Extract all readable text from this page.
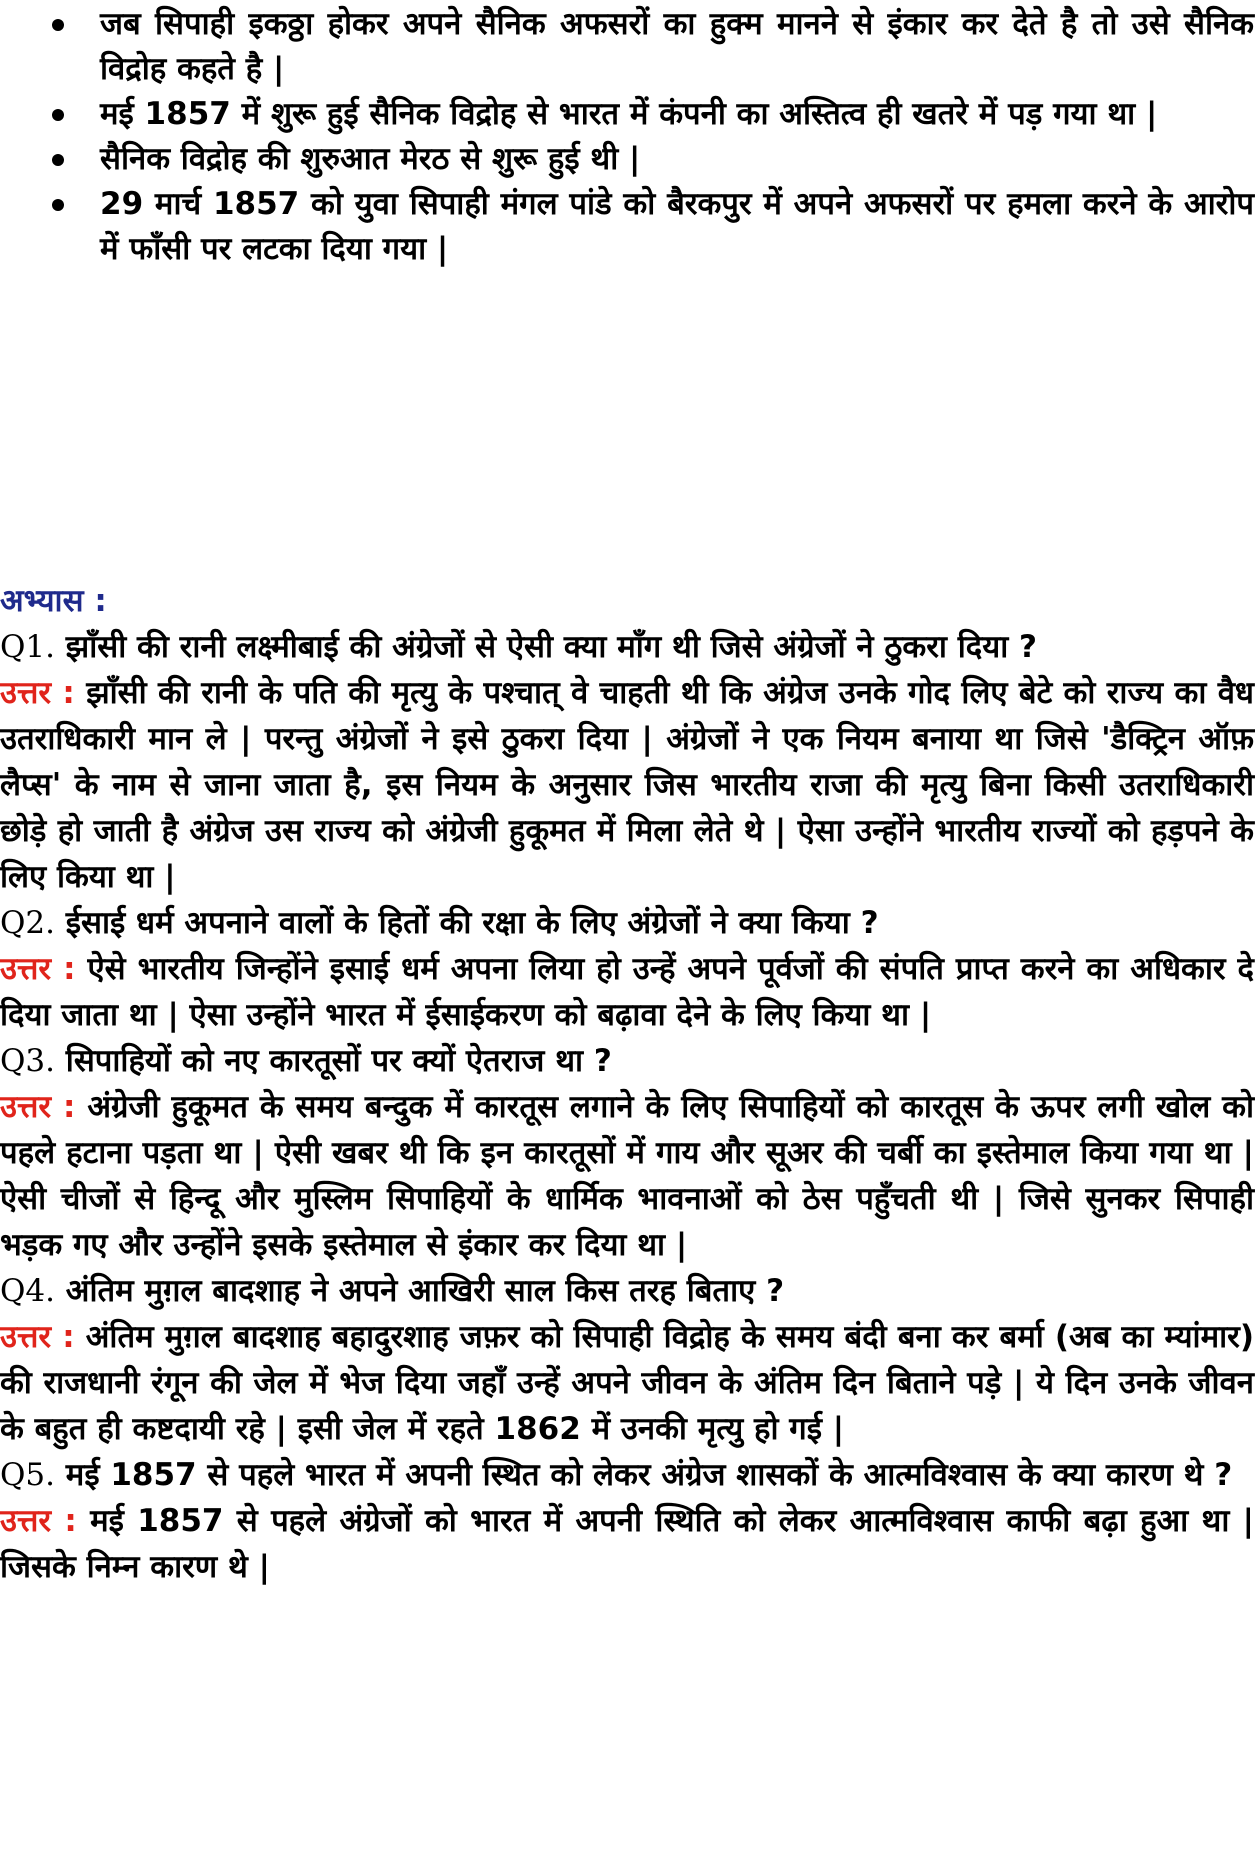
जब सिपाही इकठ्ठा होकर अपने सैनिक अफसरों का हुक्म मानने से इंकार कर देते है तो उसे सैनिक विद्रोह कहते है |
मई 1857 में शुरू हुई सैनिक विद्रोह से भारत में कंपनी का अस्तित्व ही खतरे में पड़ गया था |
सैनिक विद्रोह की शुरुआत मेरठ से शुरू हुई थी |
29 मार्च 1857 को युवा सिपाही मंगल पांडे को बैरकपुर में अपने अफसरों पर हमला करने के आरोप में फाँसी पर लटका दिया गया |
अभ्यास :

Q1. झाँसी की रानी लक्ष्मीबाई की अंग्रेजों से ऐसी क्या माँग थी जिसे अंग्रेजों ने ठुकरा दिया ?

उत्तर : झाँसी की रानी के पति की मृत्यु के पश्चात् वे चाहती थी कि अंग्रेज उनके गोद लिए बेटे को राज्य का वैध उतराधिकारी मान ले | परन्तु अंग्रेजों ने इसे ठुकरा दिया | अंग्रेजों ने एक नियम बनाया था जिसे 'डैक्ट्रिन ऑफ़ लैप्स' के नाम से जाना जाता है, इस नियम के अनुसार जिस भारतीय राजा की मृत्यु बिना किसी उतराधिकारी छोड़े हो जाती है अंग्रेज उस राज्य को अंग्रेजी हुकूमत में मिला लेते थे | ऐसा उन्होंने भारतीय राज्यों को हड़पने के लिए किया था |

Q2. ईसाई धर्म अपनाने वालों के हितों की रक्षा के लिए अंग्रेजों ने क्या किया ?

उत्तर : ऐसे भारतीय जिन्होंने इसाई धर्म अपना लिया हो उन्हें अपने पूर्वजों की संपति प्राप्त करने का अधिकार दे दिया जाता था | ऐसा उन्होंने भारत में ईसाईकरण को बढ़ावा देने के लिए किया था |

Q3. सिपाहियों को नए कारतूसों पर क्यों ऐतराज था ?

उत्तर : अंग्रेजी हुकूमत के समय बन्दुक में कारतूस लगाने के लिए सिपाहियों को कारतूस के ऊपर लगी खोल को पहले हटाना पड़ता था | ऐसी खबर थी कि इन कारतूसों में गाय और सूअर की चर्बी का इस्तेमाल किया गया था | ऐसी चीजों से हिन्दू और मुस्लिम सिपाहियों के धार्मिक भावनाओं को ठेस पहुँचती थी | जिसे सुनकर सिपाही भड़क गए और उन्होंने इसके इस्तेमाल से इंकार कर दिया था |

Q4. अंतिम मुग़ल बादशाह ने अपने आखिरी साल किस तरह बिताए ?

उत्तर : अंतिम मुग़ल बादशाह बहादुरशाह जफ़र को सिपाही विद्रोह के समय बंदी बना कर बर्मा (अब का म्यांमार) की राजधानी रंगून की जेल में भेज दिया जहाँ उन्हें अपने जीवन के अंतिम दिन बिताने पड़े | ये दिन उनके जीवन के बहुत ही कष्टदायी रहे | इसी जेल में रहते 1862 में उनकी मृत्यु हो गई |

Q5. मई 1857 से पहले भारत में अपनी स्थित को लेकर अंग्रेज शासकों के आत्मविश्वास के क्या कारण थे ?

उत्तर : मई 1857 से पहले अंग्रेजों को भारत में अपनी स्थिति को लेकर आत्मविश्वास काफी बढ़ा हुआ था | जिसके निम्न कारण थे |
